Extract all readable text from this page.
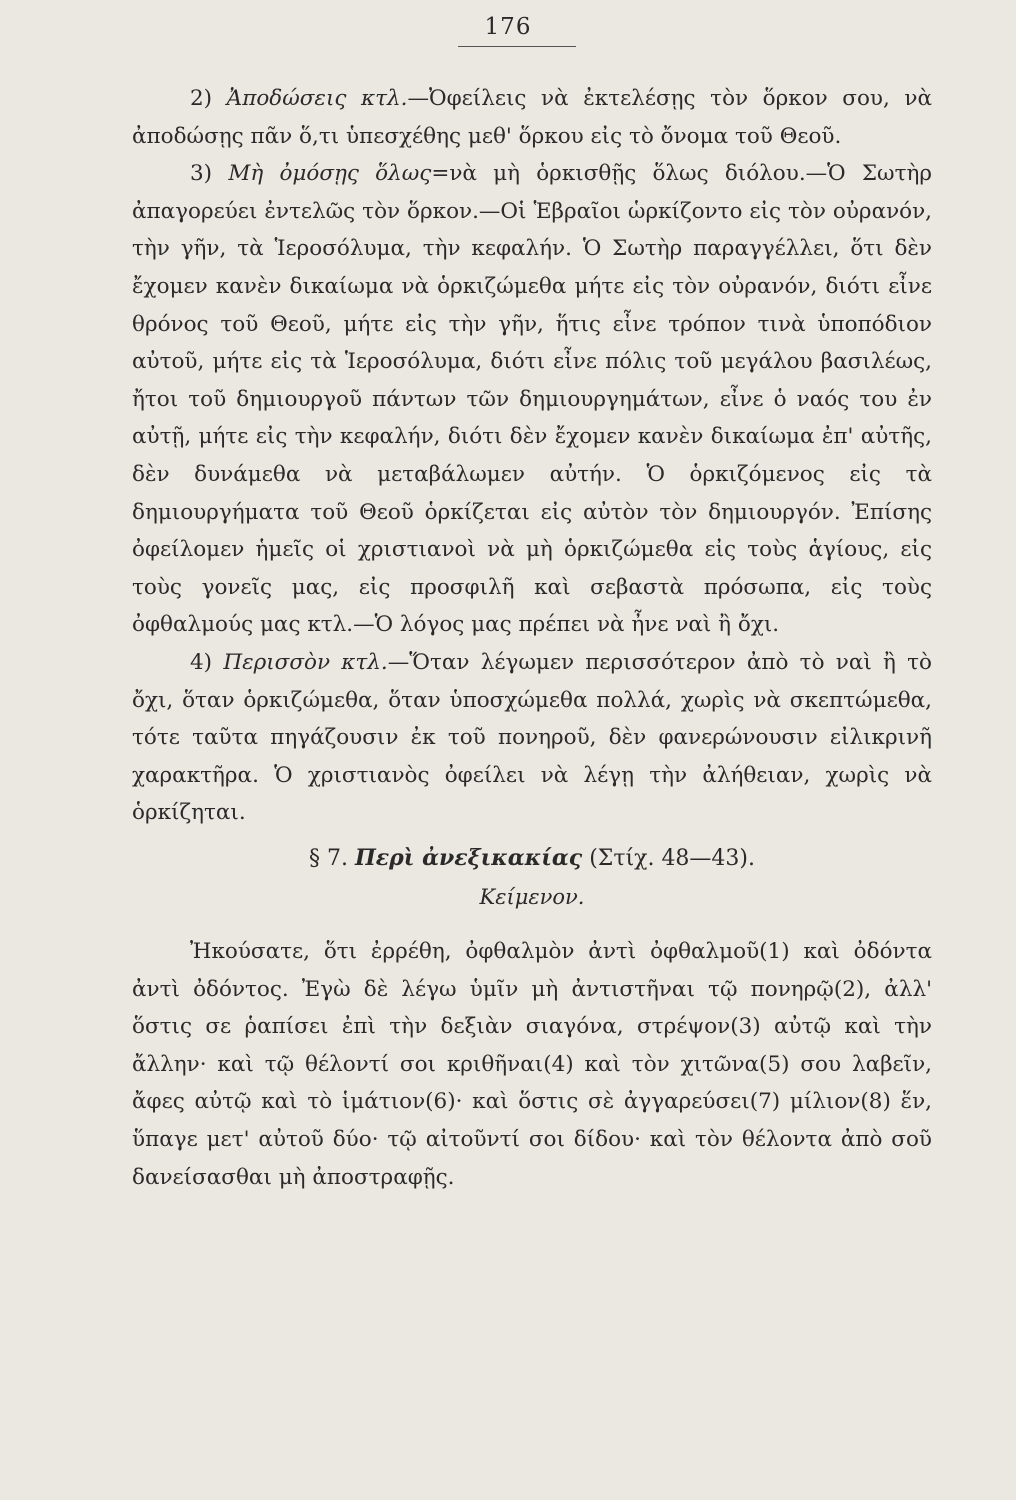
176

2) Ἀποδώσεις κτλ.—Ὀφείλεις νὰ ἐκτελέσῃς τὸν ὅρκον σου, νὰ ἀποδώσῃς πᾶν ὅ,τι ὑπεσχέθης μεθ' ὅρκου εἰς τὸ ὄνομα τοῦ Θεοῦ.

3) Μὴ ὀμόσῃς ὅλως=νὰ μὴ ὁρκισθῇς ὅλως διόλου.—Ὁ Σωτὴρ ἀπαγορεύει ἐντελῶς τὸν ὅρκον.—Οἱ Ἑβραῖοι ὡρκίζοντο εἰς τὸν οὐρανόν, τὴν γῆν, τὰ Ἱεροσόλυμα, τὴν κεφαλήν. Ὁ Σωτὴρ παραγγέλλει, ὅτι δὲν ἔχομεν κανὲν δικαίωμα νὰ ὁρκιζώμεθα μήτε εἰς τὸν οὐρανόν, διότι εἶνε θρόνος τοῦ Θεοῦ, μήτε εἰς τὴν γῆν, ἥτις εἶνε τρόπον τινὰ ὑποπόδιον αὐτοῦ, μήτε εἰς τὰ Ἱεροσόλυμα, διότι εἶνε πόλις τοῦ μεγάλου βασιλέως, ἤτοι τοῦ δημιουργοῦ πάντων τῶν δημιουργημάτων, εἶνε ὁ ναός του ἐν αὐτῇ, μήτε εἰς τὴν κεφαλήν, διότι δὲν ἔχομεν κανὲν δικαίωμα ἐπ' αὐτῆς, δὲν δυνάμεθα νὰ μεταβάλωμεν αὐτήν. Ὁ ὁρκιζόμενος εἰς τὰ δημιουργήματα τοῦ Θεοῦ ὁρκίζεται εἰς αὐτὸν τὸν δημιουργόν. Ἐπίσης ὀφείλομεν ἡμεῖς οἱ χριστιανοὶ νὰ μὴ ὁρκιζώμεθα εἰς τοὺς ἁγίους, εἰς τοὺς γονεῖς μας, εἰς προσφιλῆ καὶ σεβαστὰ πρόσωπα, εἰς τοὺς ὀφθαλμούς μας κτλ.—Ὁ λόγος μας πρέπει νὰ ἦνε ναὶ ἢ ὄχι.

4) Περισσὸν κτλ.—Ὅταν λέγωμεν περισσότερον ἀπὸ τὸ ναὶ ἢ τὸ ὄχι, ὅταν ὁρκιζώμεθα, ὅταν ὑποσχώμεθα πολλά, χωρὶς νὰ σκεπτώμεθα, τότε ταῦτα πηγάζουσιν ἐκ τοῦ πονηροῦ, δὲν φανερώνουσιν εἰλικρινῆ χαρακτῆρα. Ὁ χριστιανὸς ὀφείλει νὰ λέγῃ τὴν ἀλήθειαν, χωρὶς νὰ ὁρκίζηται.

§ 7. Περὶ ἀνεξικακίας (Στίχ. 48—43).
Κείμενον.

Ἠκούσατε, ὅτι ἐρρέθη, ὀφθαλμὸν ἀντὶ ὀφθαλμοῦ(1) καὶ ὀδόντα ἀντὶ ὀδόντος. Ἐγὼ δὲ λέγω ὑμῖν μὴ ἀντιστῆναι τῷ πονηρῷ(2), ἀλλ' ὅστις σε ῥαπίσει ἐπὶ τὴν δεξιὰν σιαγόνα, στρέψον(3) αὐτῷ καὶ τὴν ἄλλην· καὶ τῷ θέλοντί σοι κριθῆναι(4) καὶ τὸν χιτῶνα(5) σου λαβεῖν, ἄφες αὐτῷ καὶ τὸ ἱμάτιον(6)· καὶ ὅστις σὲ ἀγγαρεύσει(7) μίλιον(8) ἕν, ὕπαγε μετ' αὐτοῦ δύο· τῷ αἰτοῦντί σοι δίδου· καὶ τὸν θέλοντα ἀπὸ σοῦ δανείσασθαι μὴ ἀποστραφῇς.
